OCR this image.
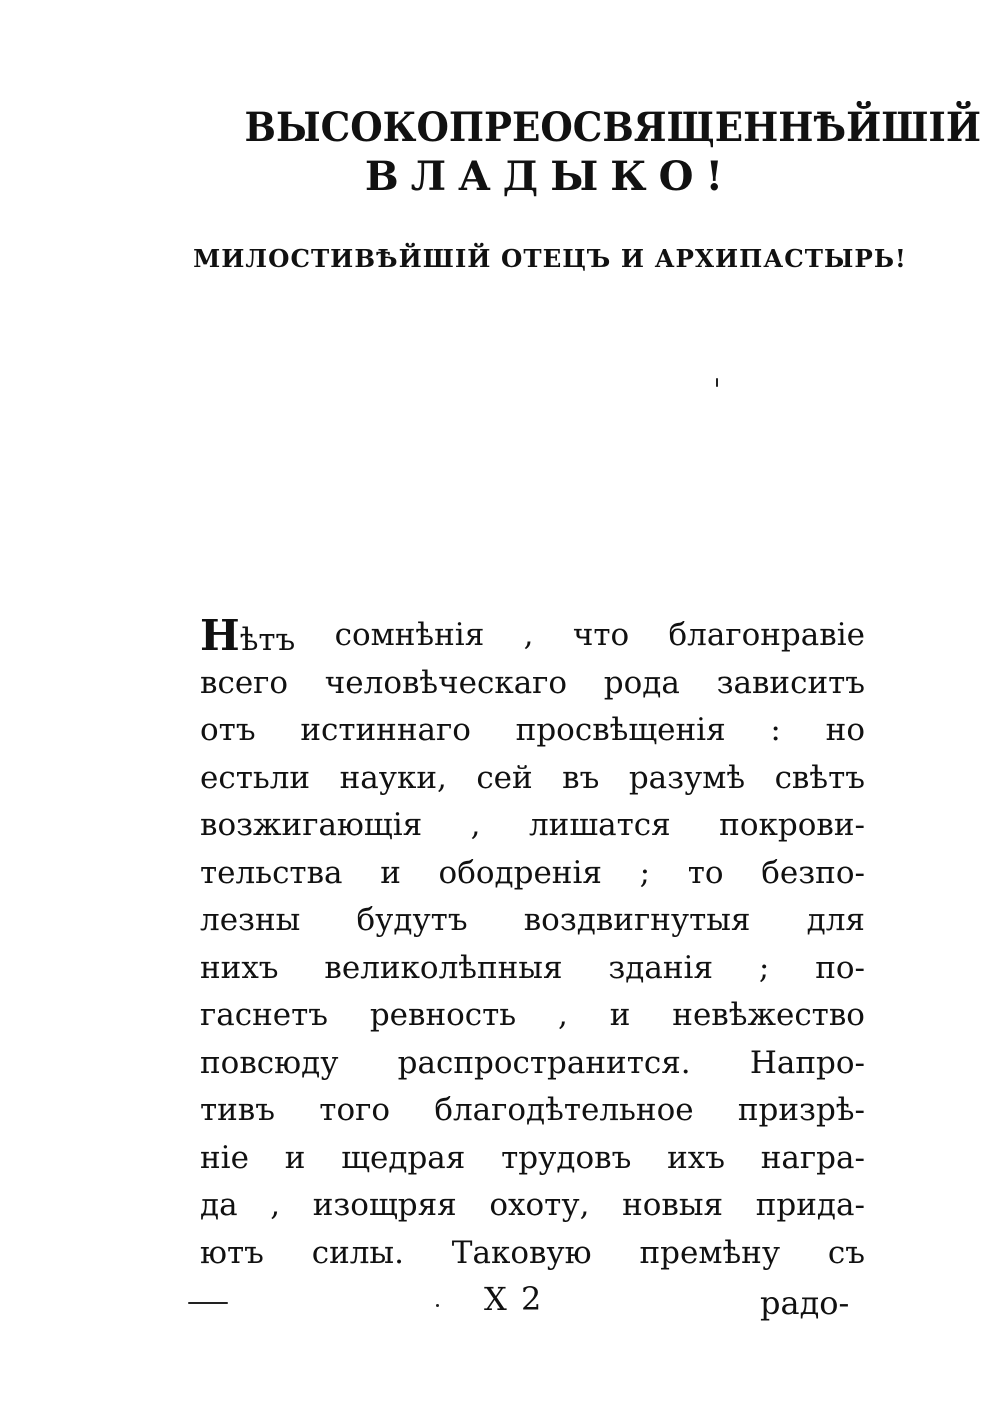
ВЫСОКОПРЕОСВЯЩЕННѢЙШІЙ
ВЛАДЫКО!
МИЛОСТИВѢЙШІЙ ОТЕЦЪ И АРХИПАСТЫРЬ!
Нѣтъ сомнѣнія , что благонравіе
всего человѣческаго рода зависитъ
отъ истиннаго просвѣщенія : но
естьли науки, сей въ разумѣ свѣтъ
возжигающія , лишатся покрови-
тельства и ободренія ; то безпо-
лезны будутъ воздвигнутыя для
нихъ великолѣпныя зданія ; по-
гаснетъ ревность , и невѣжество
повсюду распространится. Напро-
тивъ того благодѣтельное призрѣ-
ніе и щедрая трудовъ ихъ награ-
да , изощряя охоту, новыя прида-
ютъ силы. Таковую премѣну съ
Х 2	радо-
